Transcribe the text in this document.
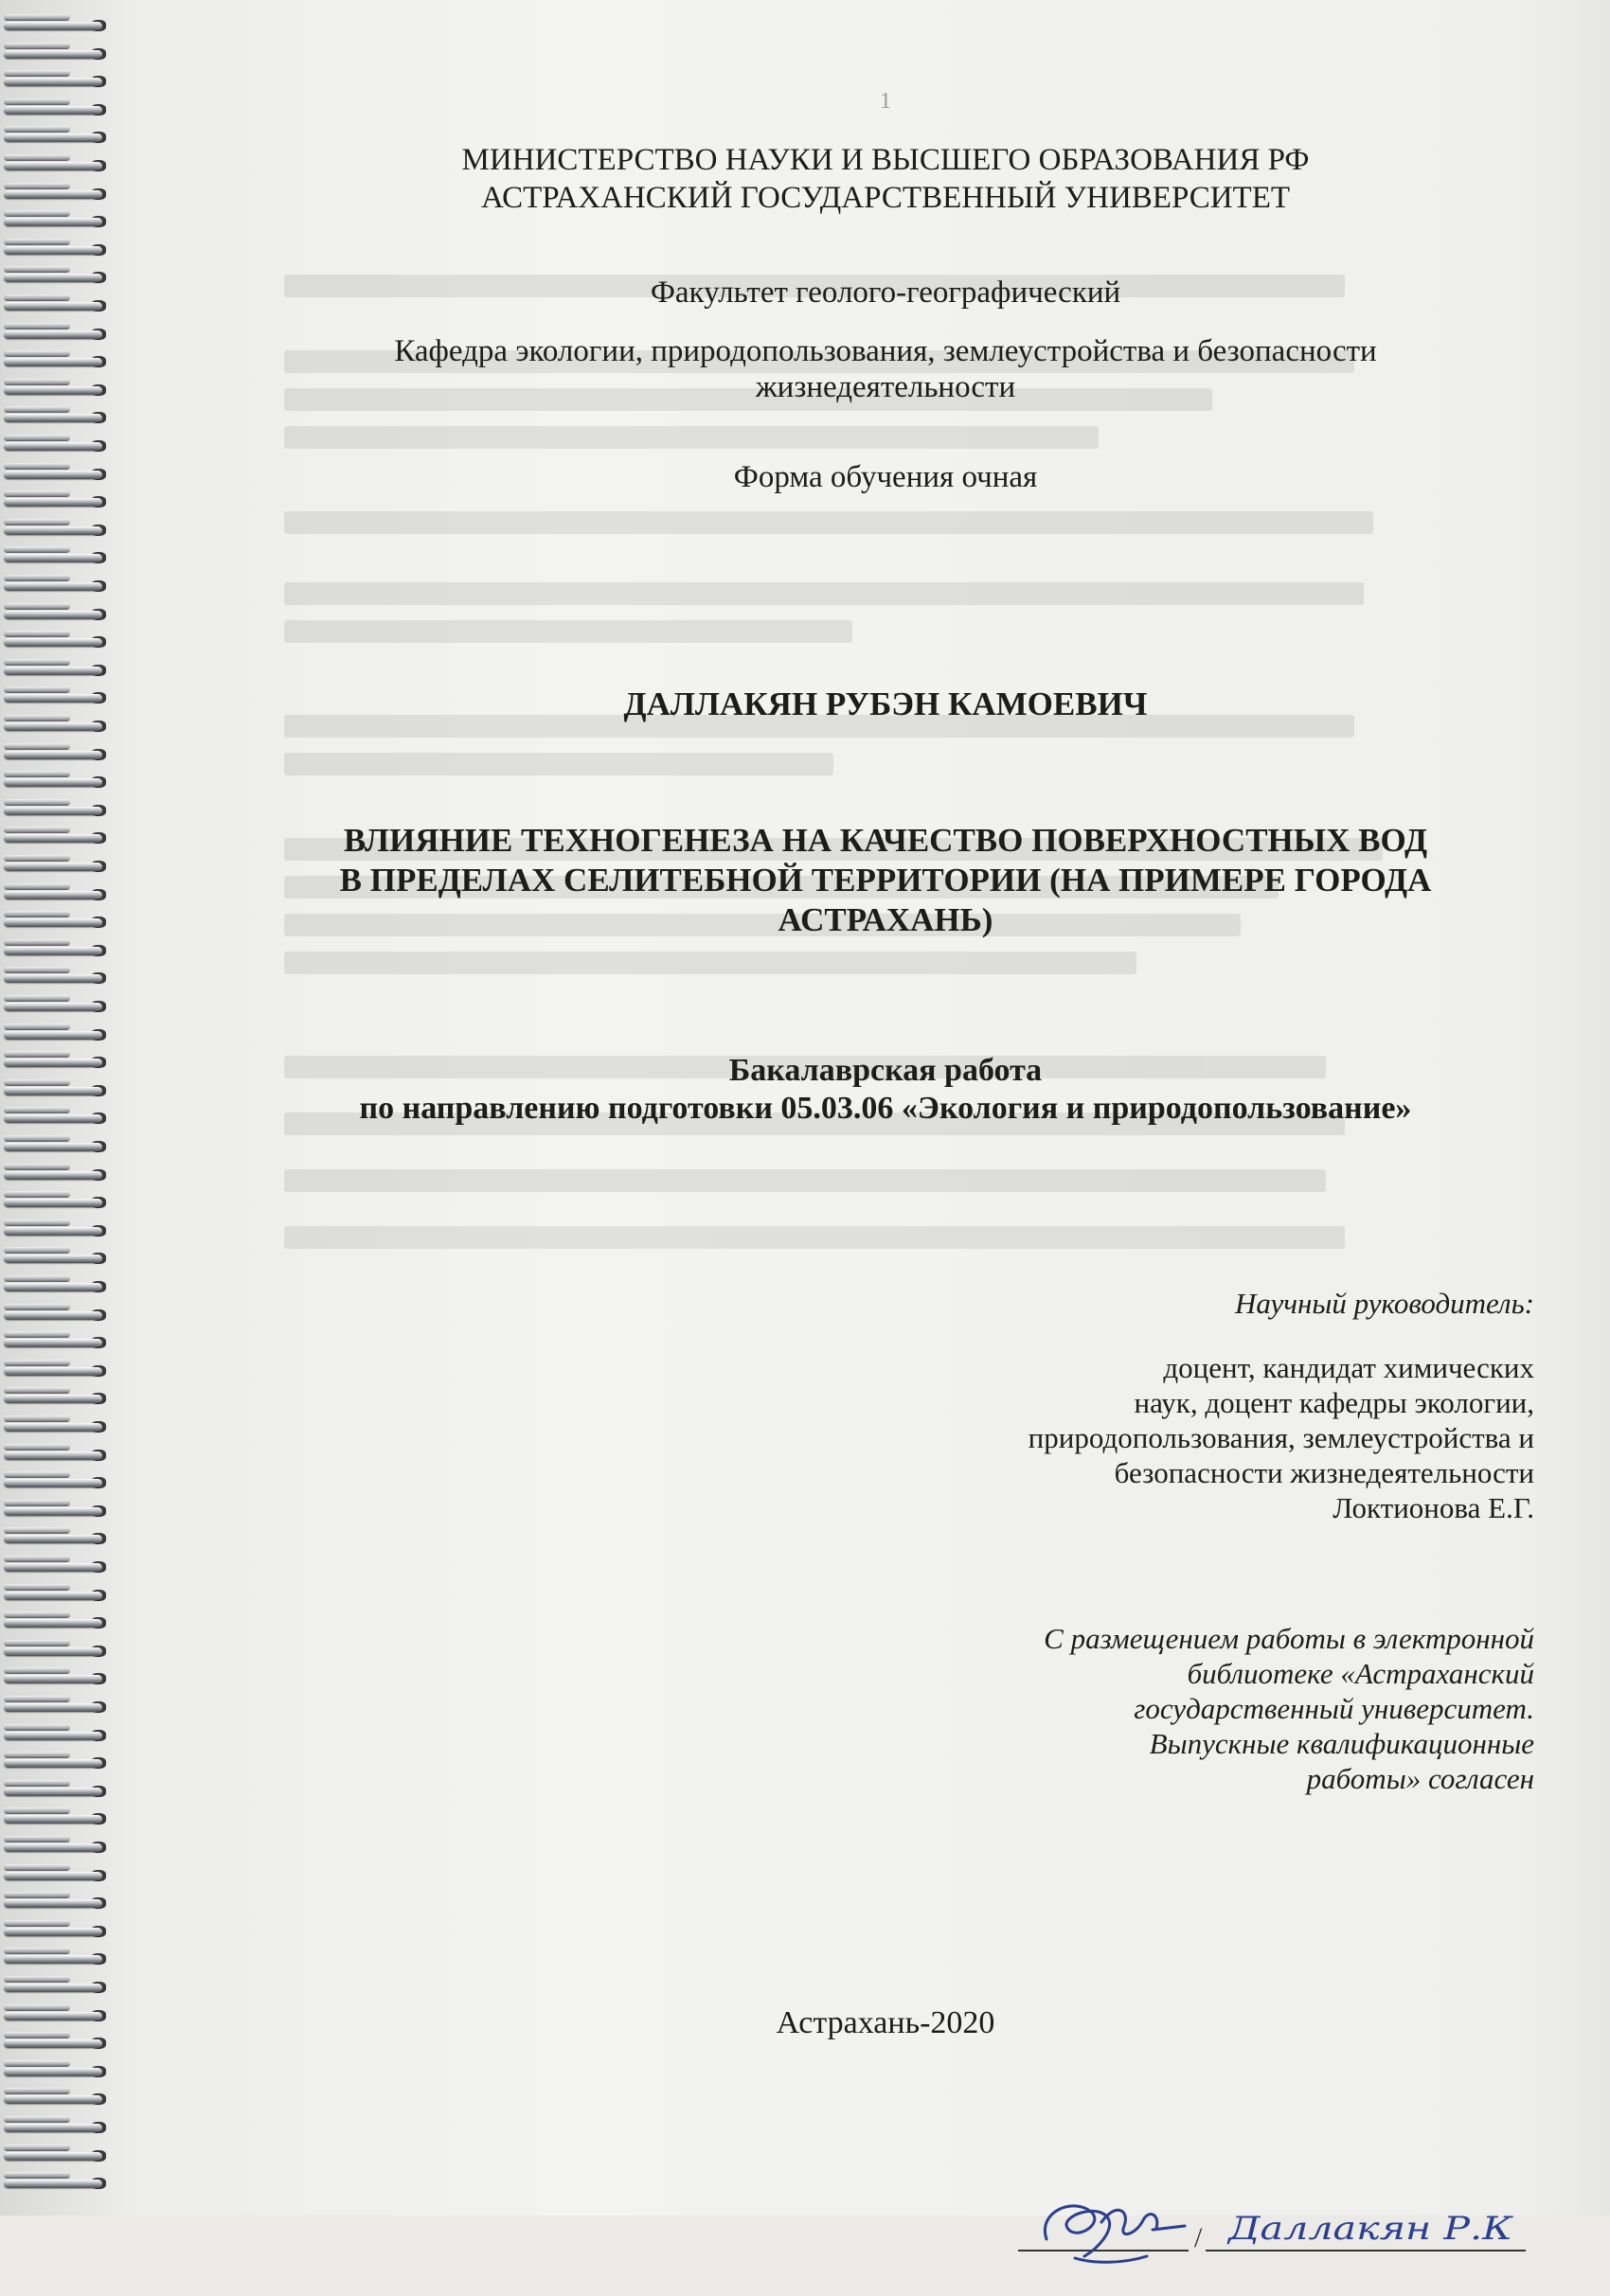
1
МИНИСТЕРСТВО НАУКИ И ВЫСШЕГО ОБРАЗОВАНИЯ РФ
АСТРАХАНСКИЙ ГОСУДАРСТВЕННЫЙ УНИВЕРСИТЕТ
Факультет геолого-географический
Кафедра экологии, природопользования, землеустройства и безопасности
жизнедеятельности
Форма обучения очная
ДАЛЛАКЯН РУБЭН КАМОЕВИЧ
ВЛИЯНИЕ ТЕХНОГЕНЕЗА НА КАЧЕСТВО ПОВЕРХНОСТНЫХ ВОД
В ПРЕДЕЛАХ СЕЛИТЕБНОЙ ТЕРРИТОРИИ (НА ПРИМЕРЕ ГОРОДА
АСТРАХАНЬ)
Бакалаврская работа
по направлению подготовки 05.03.06 «Экология и природопользование»
Научный руководитель:
доцент, кандидат химических
наук, доцент кафедры экологии,
природопользования, землеустройства и
безопасности жизнедеятельности
Локтионова Е.Г.
С размещением работы в электронной
библиотеке «Астраханский
государственный университет.
Выпускные квалификационные
работы» согласен
Астрахань-2020
/ Даллакян Р.К
